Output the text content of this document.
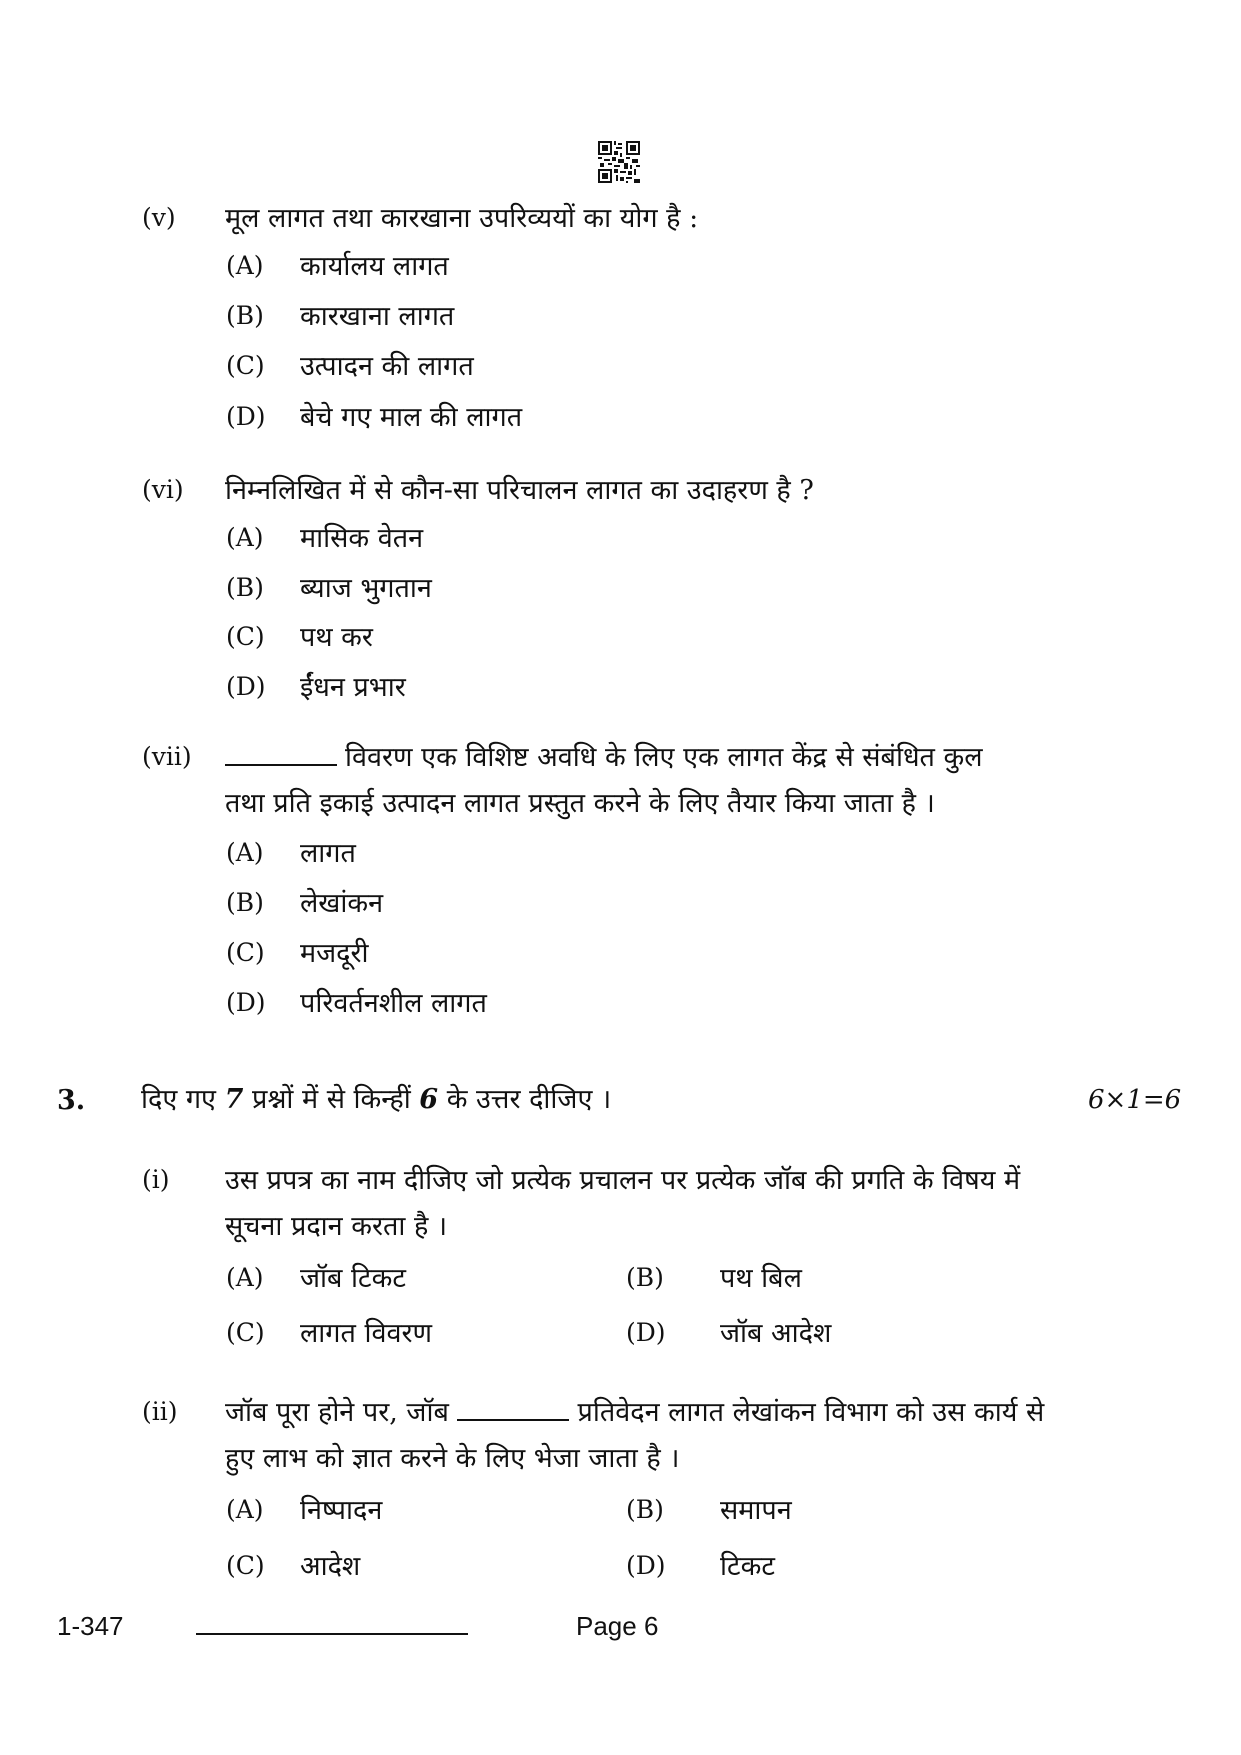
(v) मूल लागत तथा कारखाना उपरिव्ययों का योग है :
(A) कार्यालय लागत
(B) कारखाना लागत
(C) उत्पादन की लागत
(D) बेचे गए माल की लागत
(vi) निम्नलिखित में से कौन-सा परिचालन लागत का उदाहरण है ?
(A) मासिक वेतन
(B) ब्याज भुगतान
(C) पथ कर
(D) ईंधन प्रभार
(vii)	विवरण एक विशिष्ट अवधि के लिए एक लागत केंद्र से संबंधित कुल
तथा प्रति इकाई उत्पादन लागत प्रस्तुत करने के लिए तैयार किया जाता है ।
(A) लागत
(B) लेखांकन
(C) मजदूरी
(D) परिवर्तनशील लागत
3. दिए गए 7 प्रश्नों में से किन्हीं 6 के उत्तर दीजिए ।	6×1=6
(i) उस प्रपत्र का नाम दीजिए जो प्रत्येक प्रचालन पर प्रत्येक जॉब की प्रगति के विषय में
सूचना प्रदान करता है ।
(A) जॉब टिकट	(B) पथ बिल
(C) लागत विवरण	(D) जॉब आदेश
(ii) जॉब पूरा होने पर, जॉब	प्रतिवेदन लागत लेखांकन विभाग को उस कार्य से
हुए लाभ को ज्ञात करने के लिए भेजा जाता है ।
(A) निष्पादन	(B) समापन
(C) आदेश	(D) टिकट
1-347	Page 6
